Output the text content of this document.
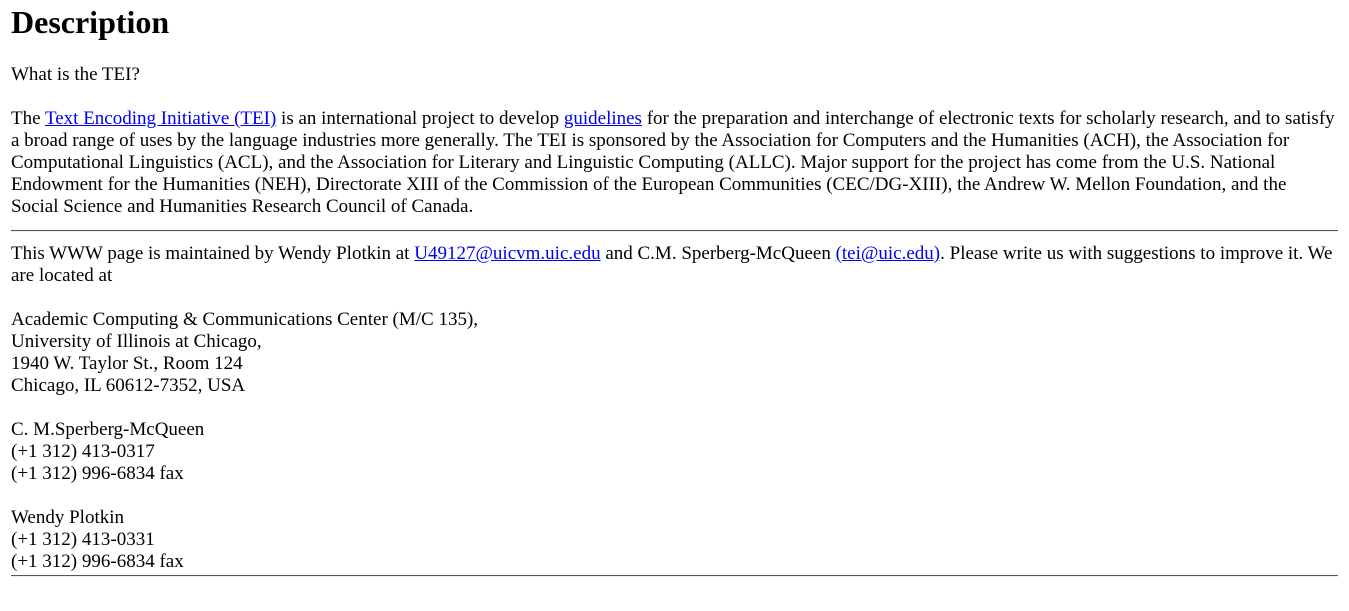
Description

What is the TEI?

The Text Encoding Initiative (TEI) is an international project to develop guidelines for the preparation and interchange of electronic texts for scholarly research, and to satisfy a broad range of uses by the language industries more generally. The TEI is sponsored by the Association for Computers and the Humanities (ACH), the Association for Computational Linguistics (ACL), and the Association for Literary and Linguistic Computing (ALLC). Major support for the project has come from the U.S. National Endowment for the Humanities (NEH), Directorate XIII of the Commission of the European Communities (CEC/DG-XIII), the Andrew W. Mellon Foundation, and the Social Science and Humanities Research Council of Canada.

This WWW page is maintained by Wendy Plotkin at U49127@uicvm.uic.edu and C.M. Sperberg-McQueen (tei@uic.edu). Please write us with suggestions to improve it. We are located at

Academic Computing & Communications Center (M/C 135),
University of Illinois at Chicago,
1940 W. Taylor St., Room 124
Chicago, IL 60612-7352, USA
C. M.Sperberg-McQueen
(+1 312) 413-0317
(+1 312) 996-6834 fax
Wendy Plotkin
(+1 312) 413-0331
(+1 312) 996-6834 fax
